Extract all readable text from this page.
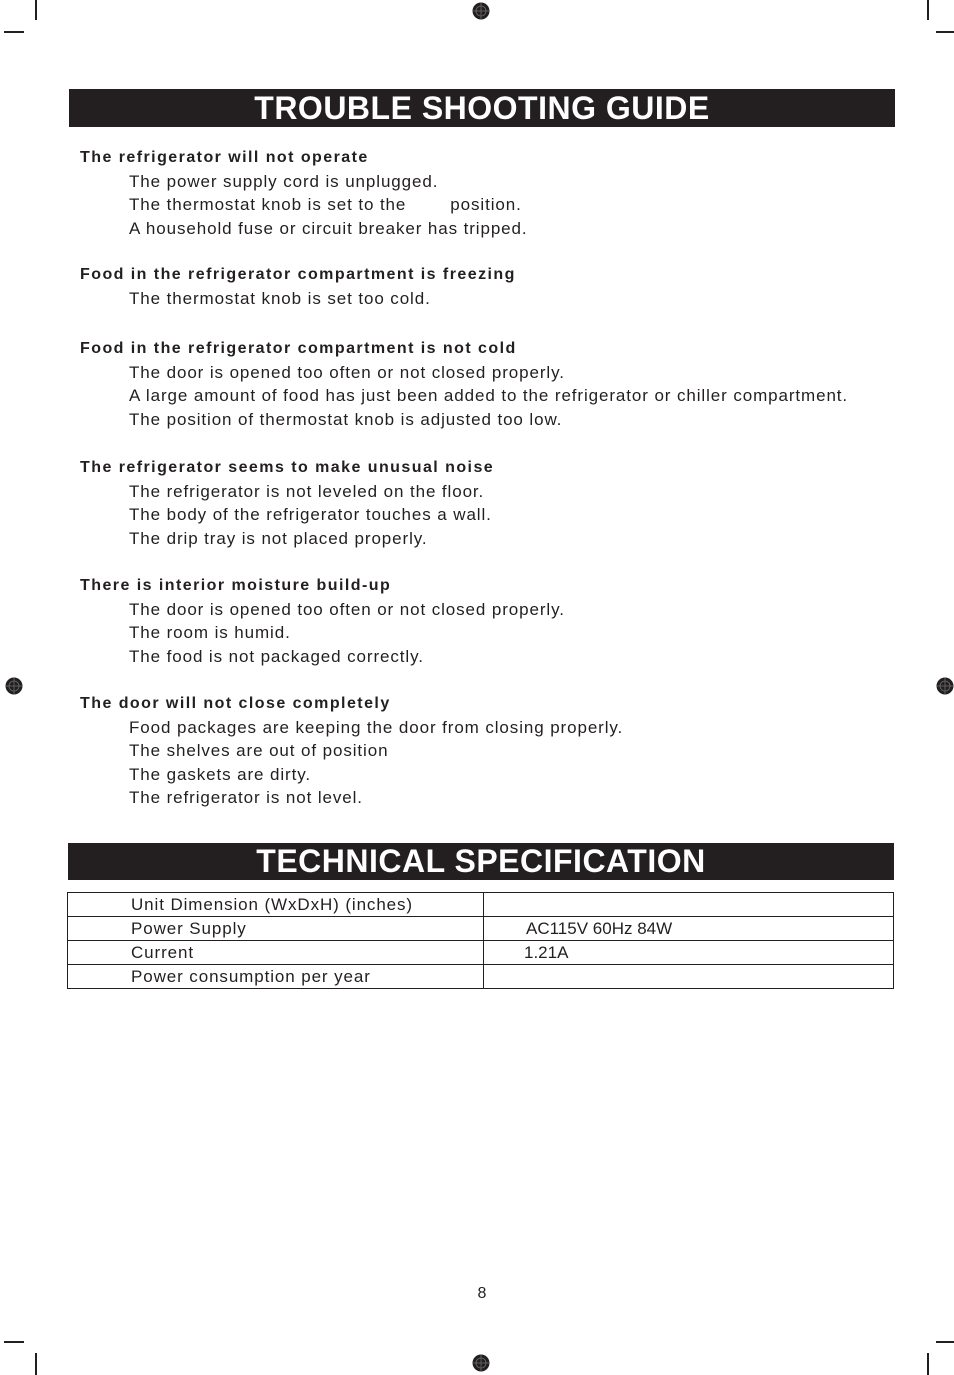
TROUBLE SHOOTING GUIDE
The refrigerator will not operate
The power supply cord is unplugged.
The thermostat knob is set to the	position.
A household fuse or circuit breaker has tripped.
Food in the refrigerator compartment is freezing
The thermostat knob is set too cold.
Food in the refrigerator compartment is not cold
The door is opened too often or not closed properly.
A large amount of food has just been added to the refrigerator or chiller compartment.
The position of thermostat knob is adjusted too low.
The refrigerator seems to make unusual noise
The refrigerator is not leveled on the floor.
The body of the refrigerator touches a wall.
The drip tray is not placed properly.
There is interior moisture build-up
The door is opened too often or not closed properly.
The room is humid.
The food is not packaged correctly.
The door will not close completely
Food packages are keeping the door from closing properly.
The shelves are out of position
The gaskets are dirty.
The refrigerator is not level.
TECHNICAL SPECIFICATION
Unit Dimension (WxDxH) (inches)	
Power Supply	AC115V 60Hz 84W
Current	1.21A
Power consumption per year	
8
